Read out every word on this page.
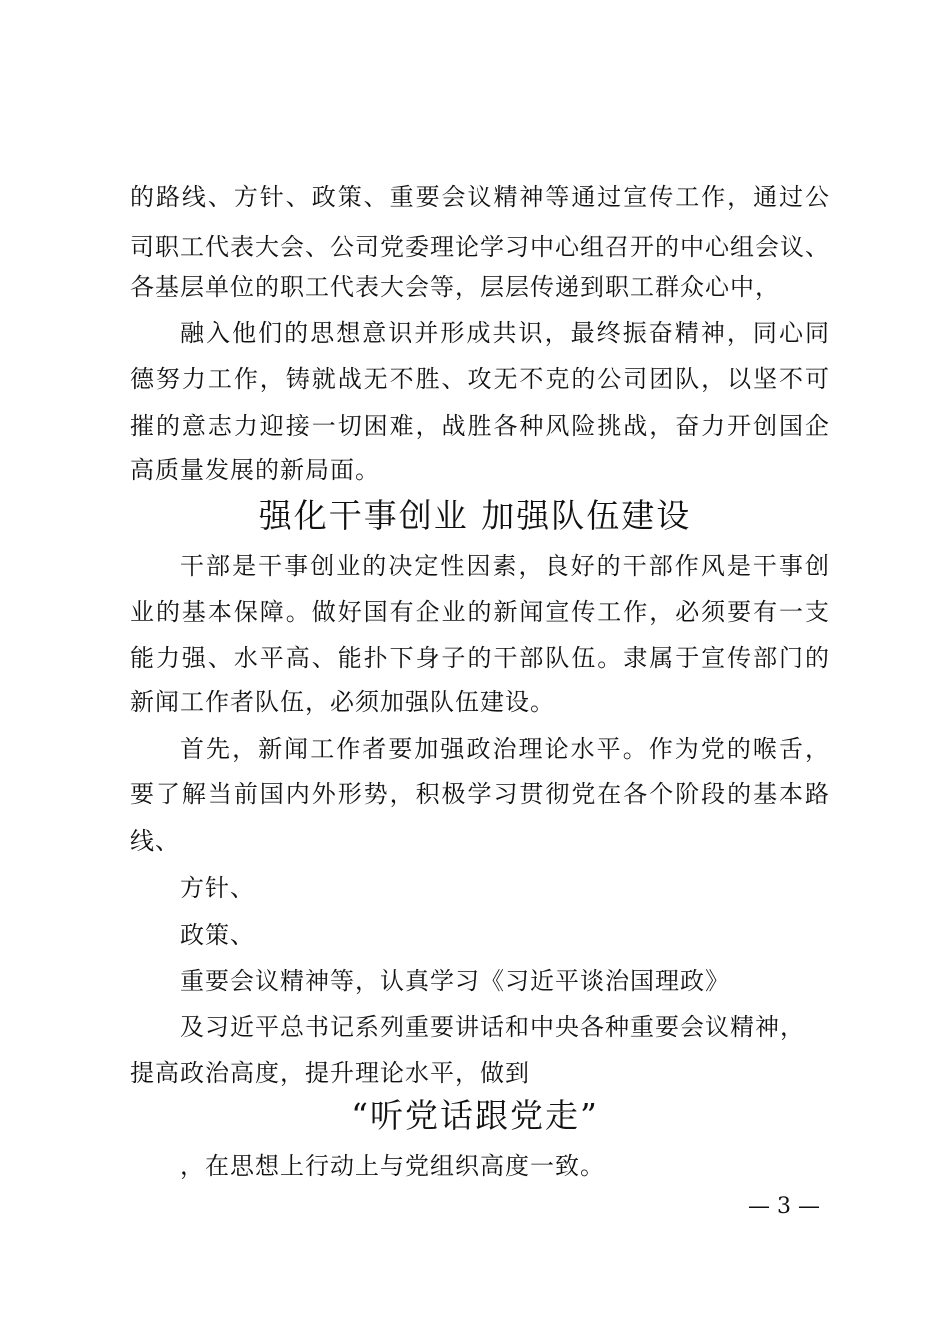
的路线、方针、政策、重要会议精神等通过宣传工作，通过公
司职工代表大会、公司党委理论学习中心组召开的中心组会议、
各基层单位的职工代表大会等，层层传递到职工群众心中，
融入他们的思想意识并形成共识，最终振奋精神，同心同
德努力工作，铸就战无不胜、攻无不克的公司团队，以坚不可
摧的意志力迎接一切困难，战胜各种风险挑战，奋力开创国企
高质量发展的新局面。
强化干事创业 加强队伍建设
干部是干事创业的决定性因素，良好的干部作风是干事创
业的基本保障。做好国有企业的新闻宣传工作，必须要有一支
能力强、水平高、能扑下身子的干部队伍。隶属于宣传部门的
新闻工作者队伍，必须加强队伍建设。
首先，新闻工作者要加强政治理论水平。作为党的喉舌，
要了解当前国内外形势，积极学习贯彻党在各个阶段的基本路
线、
方针、
政策、
重要会议精神等，认真学习《习近平谈治国理政》
及习近平总书记系列重要讲话和中央各种重要会议精神，
提高政治高度，提升理论水平，做到
“听党话跟党走”
，在思想上行动上与党组织高度一致。
— 3 —
